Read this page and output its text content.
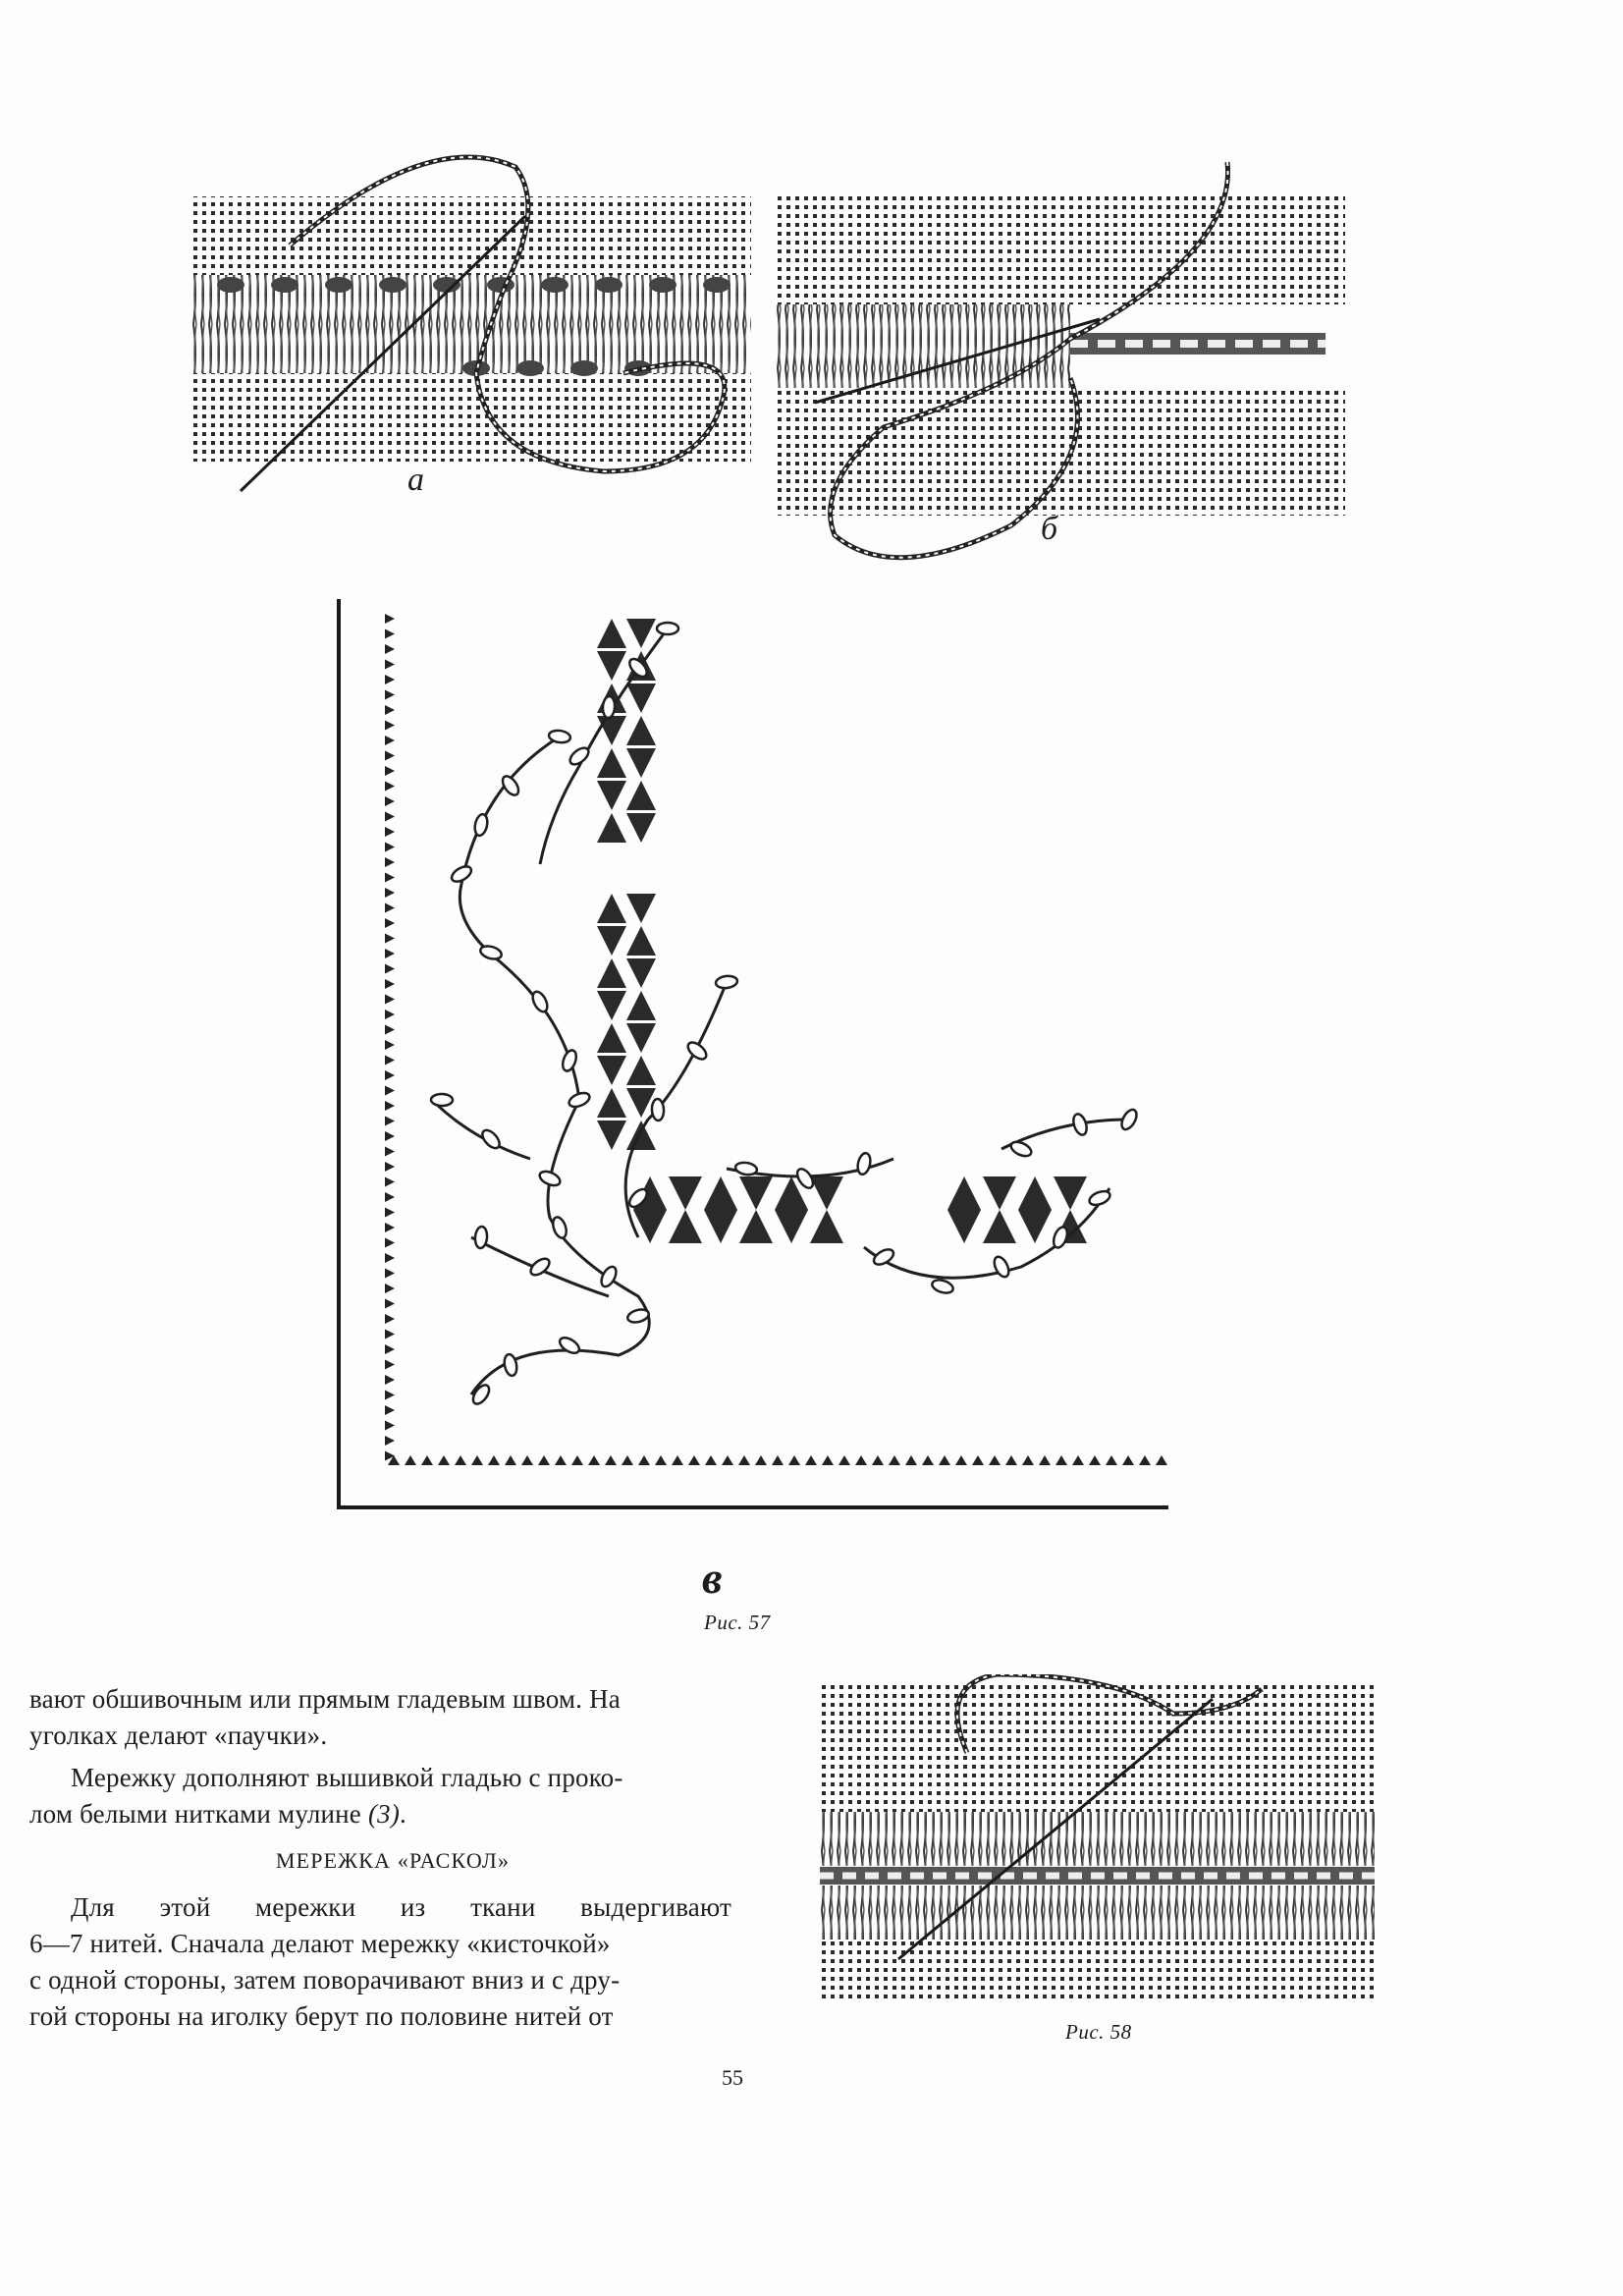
а
б
в
Рис. 57

вают обшивочным или прямым гладевым швом. На

уголках делают «паучки».

Мережку дополняют вышивкой гладью с проко-

лом белыми нитками мулине (3).

МЕРЕЖКА «РАСКОЛ»

Для этой мережки из ткани выдергивают

6—7 нитей. Сначала делают мережку «кисточкой»

с одной стороны, затем поворачивают вниз и с дру-

гой стороны на иголку берут по половине нитей от

Рис. 58
55
